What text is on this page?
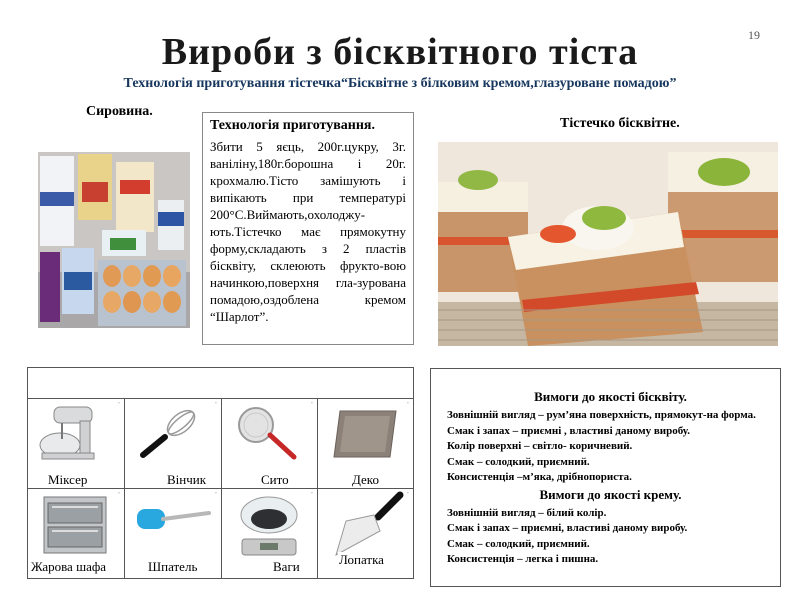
19
Вироби з бісквітного тіста
Технологія приготування тістечка“Бісквітне з білковим кремом,глазуроване помадою”
Сировина.
Технологія приготування.
Збити 5 яєць, 200г.цукру, 3г. ваніліну,180г.борошна і 20г. крохмалю.Тісто замішують і випікають при температурі 200°С.Виймають,охолоджу-ють.Тістечко має прямокутну форму,складають з 2 пластів бісквіту, склеюють фрукто-вою начинкою,поверхня гла-зурована помадою,оздоблена кремом “Шарлот”.
Тістечко бісквітне.
•
Міксер
•
Вінчик
•
Сито
•
Деко
•
Жарова шафа
•
Шпатель
•
Ваги
•
Лопатка
Вимоги до якості бісквіту.
Зовнішній вигляд – рум’яна поверхність, прямокут-на форма.
Смак і запах – приємні , властиві даному виробу.
Колір поверхні – світло- коричневий.
Смак – солодкий, приємний.
Консистенція –м’яка, дрібнопориста.
Вимоги до якості крему.
Зовнішній вигляд – білий колір.
Смак і запах – приємні, властиві даному виробу.
Смак – солодкий, приємний.
Консистенція – легка і пишна.
